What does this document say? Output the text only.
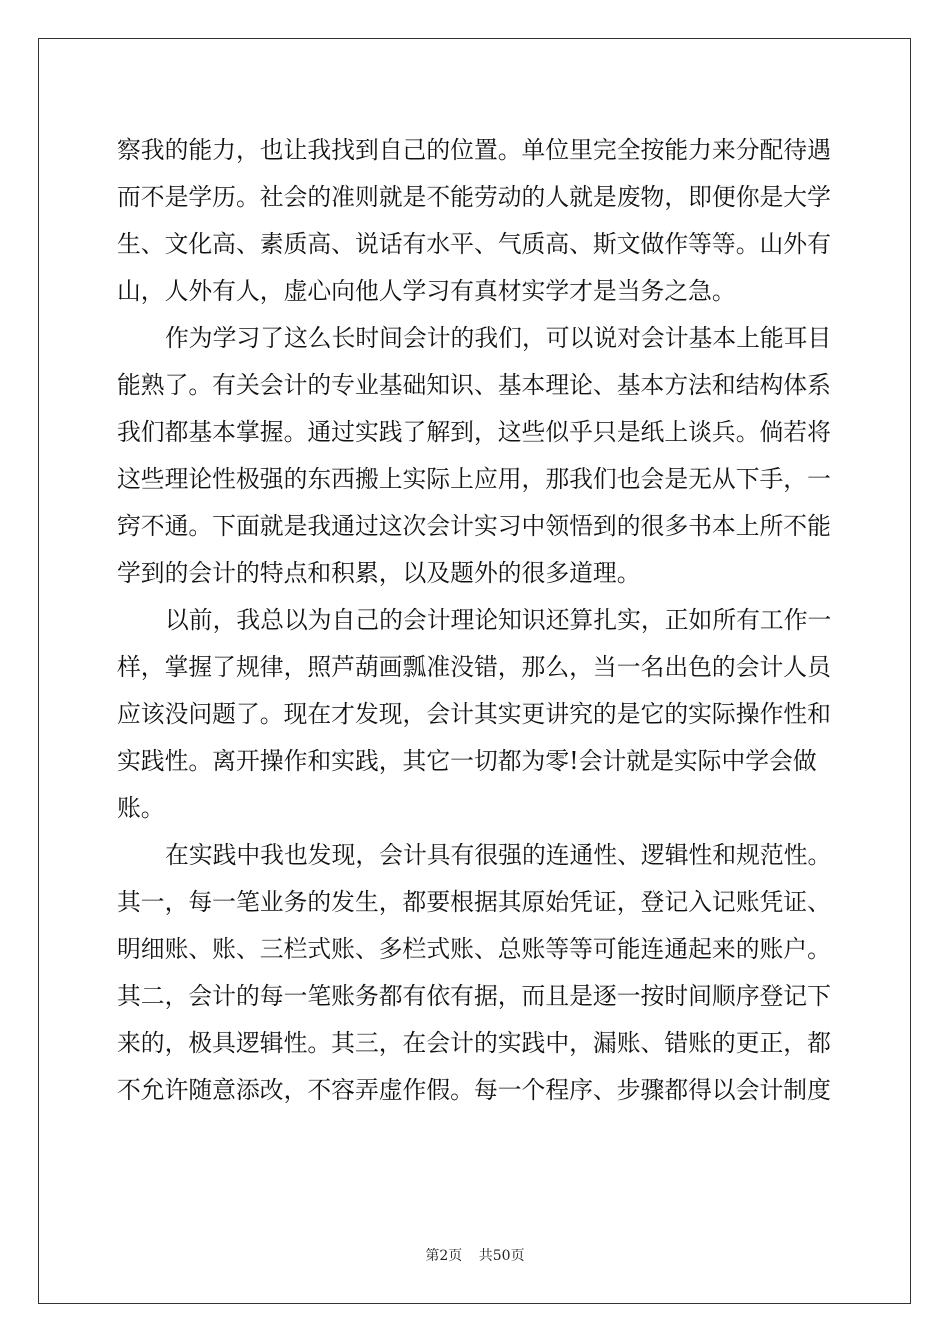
察我的能力，也让我找到自己的位置。单位里完全按能力来分配待遇
而不是学历。社会的准则就是不能劳动的人就是废物，即便你是大学
生、文化高、素质高、说话有水平、气质高、斯文做作等等。山外有
山，人外有人，虚心向他人学习有真材实学才是当务之急。
作为学习了这么长时间会计的我们，可以说对会计基本上能耳目
能熟了。有关会计的专业基础知识、基本理论、基本方法和结构体系
我们都基本掌握。通过实践了解到，这些似乎只是纸上谈兵。倘若将
这些理论性极强的东西搬上实际上应用，那我们也会是无从下手，一
窍不通。下面就是我通过这次会计实习中领悟到的很多书本上所不能
学到的会计的特点和积累，以及题外的很多道理。
以前，我总以为自己的会计理论知识还算扎实，正如所有工作一
样，掌握了规律，照芦葫画瓢准没错，那么，当一名出色的会计人员
应该没问题了。现在才发现，会计其实更讲究的是它的实际操作性和
实践性。离开操作和实践，其它一切都为零!会计就是实际中学会做
账。
在实践中我也发现，会计具有很强的连通性、逻辑性和规范性。
其一，每一笔业务的发生，都要根据其原始凭证，登记入记账凭证、
明细账、账、三栏式账、多栏式账、总账等等可能连通起来的账户。
其二，会计的每一笔账务都有依有据，而且是逐一按时间顺序登记下
来的，极具逻辑性。其三，在会计的实践中，漏账、错账的更正，都
不允许随意添改，不容弄虚作假。每一个程序、步骤都得以会计制度
第2页 共50页
